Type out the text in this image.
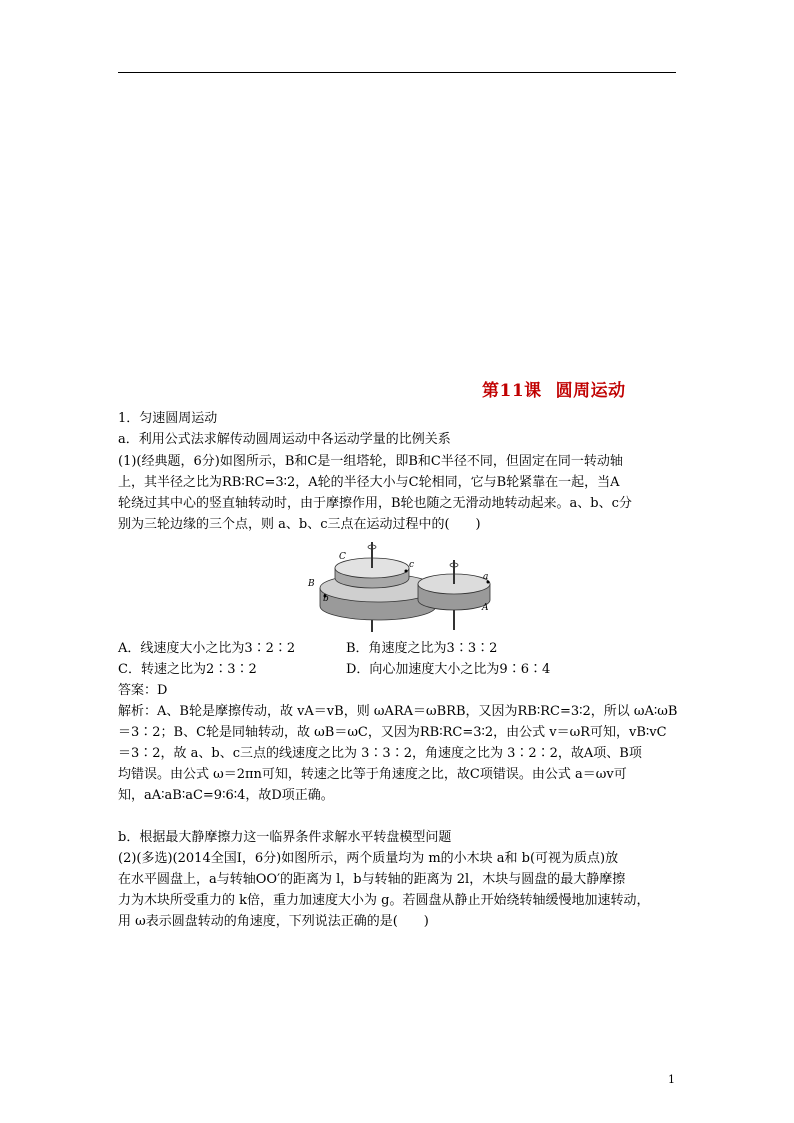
第11课 圆周运动
1．匀速圆周运动
a．利用公式法求解传动圆周运动中各运动学量的比例关系
(1)(经典题，6分)如图所示，B和C是一组塔轮，即B和C半径不同，但固定在同一转动轴
上，其半径之比为RB∶RC=3∶2，A轮的半径大小与C轮相同，它与B轮紧靠在一起，当A
轮绕过其中心的竖直轴转动时，由于摩擦作用，B轮也随之无滑动地转动起来。a、b、c分
别为三轮边缘的三个点，则 a、b、c三点在运动过程中的(　　)
C
c
B
b
a
A
A．线速度大小之比为3∶2∶2	B．角速度之比为3∶3∶2
C．转速之比为2∶3∶2	D．向心加速度大小之比为9∶6∶4
答案：D
解析：A、B轮是摩擦传动，故 vA＝vB，则 ωARA＝ωBRB，又因为RB∶RC=3∶2，所以 ωA∶ωB
＝3∶2；B、C轮是同轴转动，故 ωB＝ωC，又因为RB∶RC=3∶2，由公式 v＝ωR可知，vB∶vC
＝3∶2，故 a、b、c三点的线速度之比为 3∶3∶2，角速度之比为 3∶2∶2，故A项、B项
均错误。由公式 ω＝2πn可知，转速之比等于角速度之比，故C项错误。由公式 a＝ωv可
知，aA∶aB∶aC=9∶6∶4，故D项正确。
b．根据最大静摩擦力这一临界条件求解水平转盘模型问题
(2)(多选)(2014全国Ⅰ，6分)如图所示，两个质量均为 m的小木块 a和 b(可视为质点)放
在水平圆盘上，a与转轴OO′的距离为 l，b与转轴的距离为 2l，木块与圆盘的最大静摩擦
力为木块所受重力的 k倍，重力加速度大小为 g。若圆盘从静止开始绕转轴缓慢地加速转动，
用 ω表示圆盘转动的角速度，下列说法正确的是(　　)
1
